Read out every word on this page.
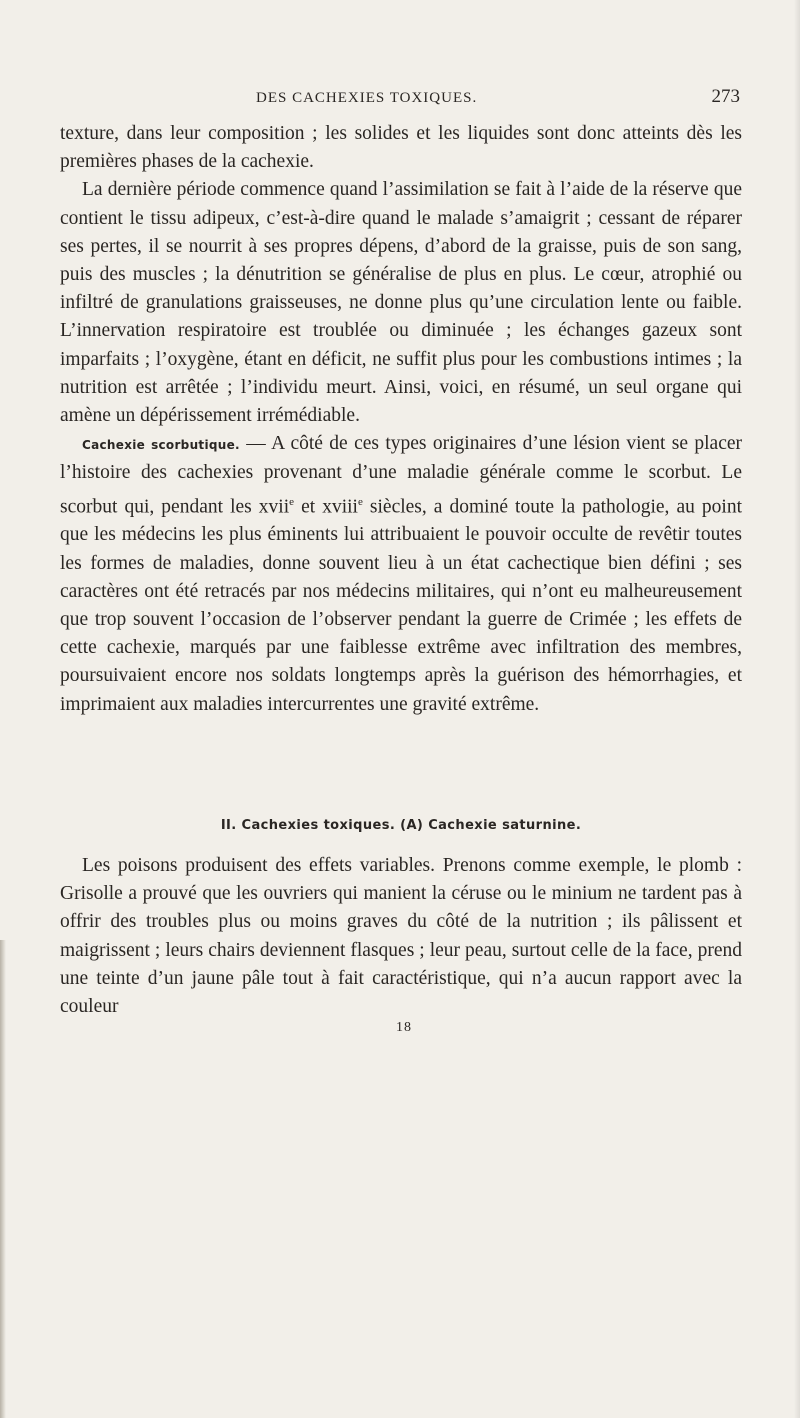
DES CACHEXIES TOXIQUES.	273

texture, dans leur composition ; les solides et les liquides sont donc atteints dès les premières phases de la cachexie.

La dernière période commence quand l’assimilation se fait à l’aide de la réserve que contient le tissu adipeux, c’est-à-dire quand le malade s’amaigrit ; cessant de réparer ses pertes, il se nourrit à ses propres dépens, d’abord de la graisse, puis de son sang, puis des muscles ; la dénutrition se généralise de plus en plus. Le cœur, atrophié ou infiltré de granulations graisseuses, ne donne plus qu’une circulation lente ou faible. L’innervation respiratoire est troublée ou diminuée ; les échanges gazeux sont imparfaits ; l’oxygène, étant en déficit, ne suffit plus pour les combustions intimes ; la nutrition est arrêtée ; l’individu meurt. Ainsi, voici, en résumé, un seul organe qui amène un dépérissement irrémédiable.

Cachexie scorbutique. — A côté de ces types originaires d’une lésion vient se placer l’histoire des cachexies provenant d’une maladie générale comme le scorbut. Le scorbut qui, pendant les xvii$^e$ et xviii$^e$ siècles, a dominé toute la pathologie, au point que les médecins les plus éminents lui attribuaient le pouvoir occulte de revêtir toutes les formes de maladies, donne souvent lieu à un état cachectique bien défini ; ses caractères ont été retracés par nos médecins militaires, qui n’ont eu malheureusement que trop souvent l’occasion de l’observer pendant la guerre de Crimée ; les effets de cette cachexie, marqués par une faiblesse extrême avec infiltration des membres, poursuivaient encore nos soldats longtemps après la guérison des hémorrhagies, et imprimaient aux maladies intercurrentes une gravité extrême.

II. Cachexies toxiques. (A) Cachexie saturnine.

Les poisons produisent des effets variables. Prenons comme exemple, le plomb : Grisolle a prouvé que les ouvriers qui manient la céruse ou le minium ne tardent pas à offrir des troubles plus ou moins graves du côté de la nutrition ; ils pâlissent et maigrissent ; leurs chairs deviennent flasques ; leur peau, surtout celle de la face, prend une teinte d’un jaune pâle tout à fait caractéristique, qui n’a aucun rapport avec la couleur

18
